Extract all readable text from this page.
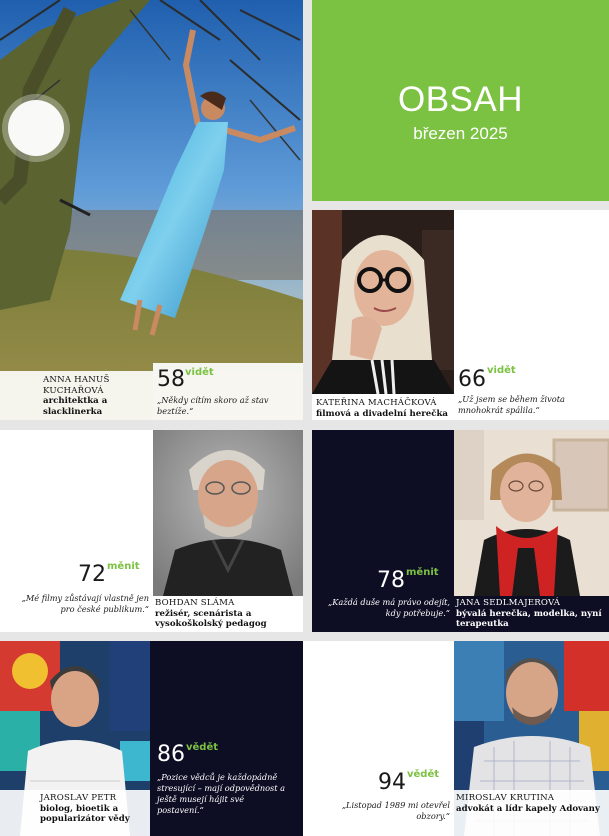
OBSAH
březen 2025
ANNA HANUŠ KUCHAŘOVÁ
architektka a slacklinerka
58 vidět
„Někdy cítím skoro až stav beztíže.“
KATEŘINA MACHÁČKOVÁ
filmová a divadelní herečka
66 vidět
„Už jsem se během života mnohokrát spálila.“
72 měnit
„Mé filmy zůstávají vlastně jen pro české publikum.“
BOHDAN SLÁMA
režisér, scenárista a vysokoškolský pedagog
78 měnit
„Každá duše má právo odejít, kdy potřebuje.“
JANA SEDLMAJEROVÁ
bývalá herečka, modelka, nyní terapeutka
86 vědět
„Pozice vědců je každopádně stresující – mají odpovědnost a ještě musejí hájit své postavení.“
JAROSLAV PETR
biolog, bioetik a popularizátor vědy
94 vědět
„Listopad 1989 mi otevřel obzory.“
MIROSLAV KRUTINA
advokát a lídr kapely Adovany
